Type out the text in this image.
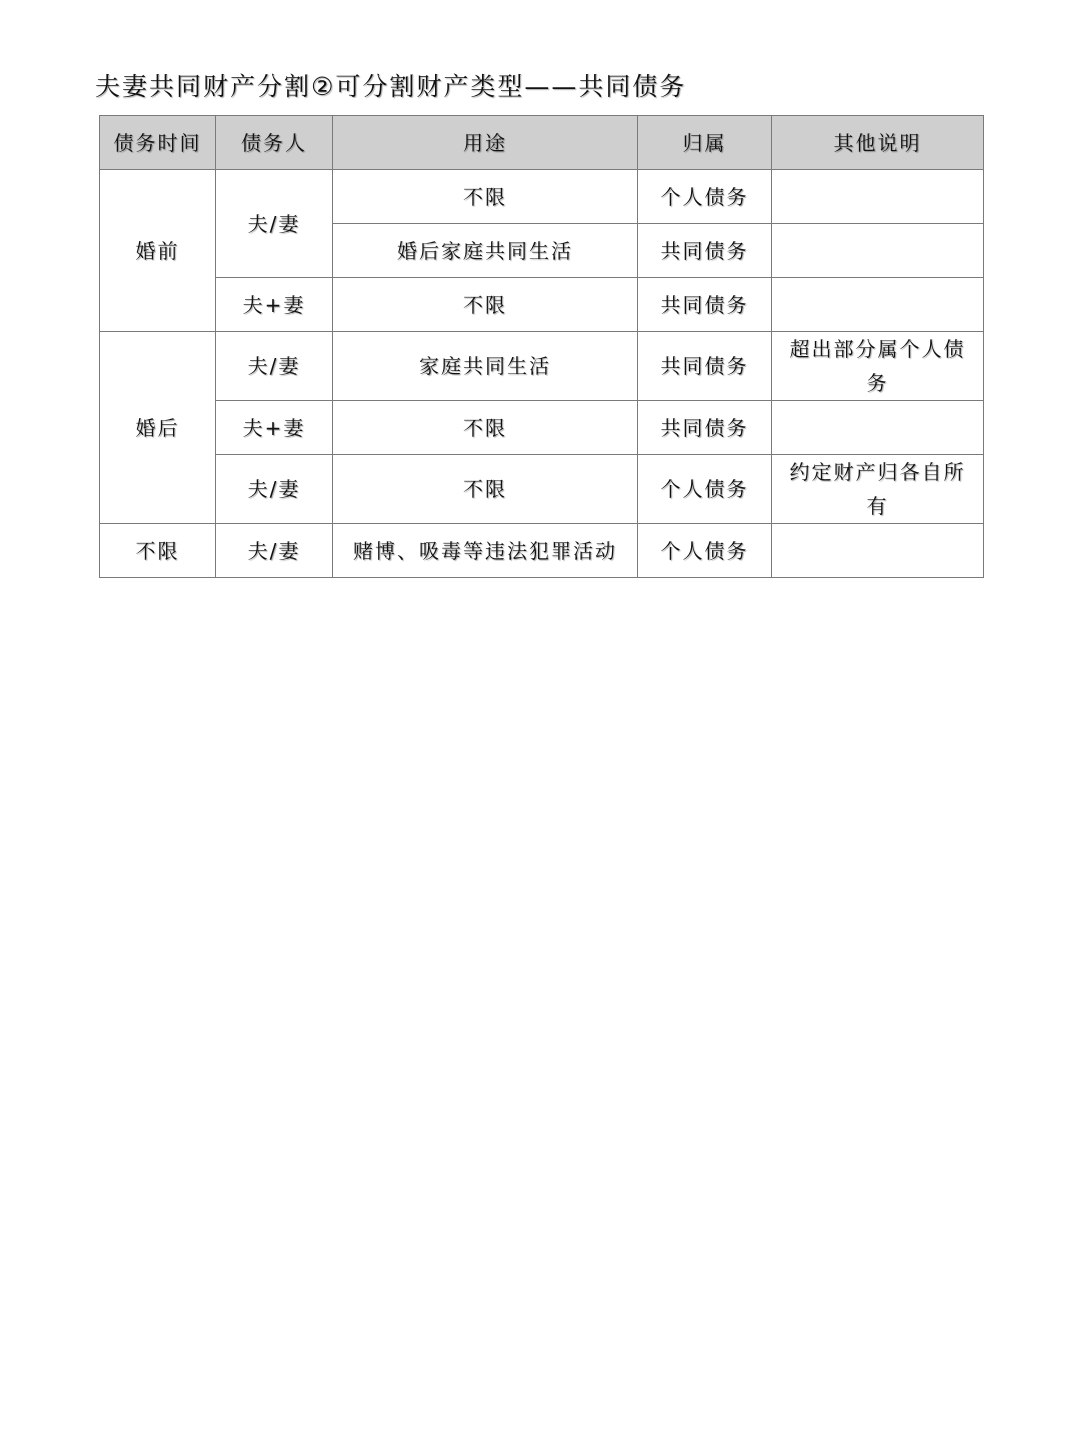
夫妻共同财产分割②可分割财产类型——共同债务
债务时间	债务人	用途	归属	其他说明
婚前	夫/妻	不限	个人债务	
		婚后家庭共同生活	共同债务	
	夫+妻	不限	共同债务	
婚后	夫/妻	家庭共同生活	共同债务	超出部分属个人债务
	夫+妻	不限	共同债务	
	夫/妻	不限	个人债务	约定财产归各自所有
不限	夫/妻	赌博、吸毒等违法犯罪活动	个人债务	
